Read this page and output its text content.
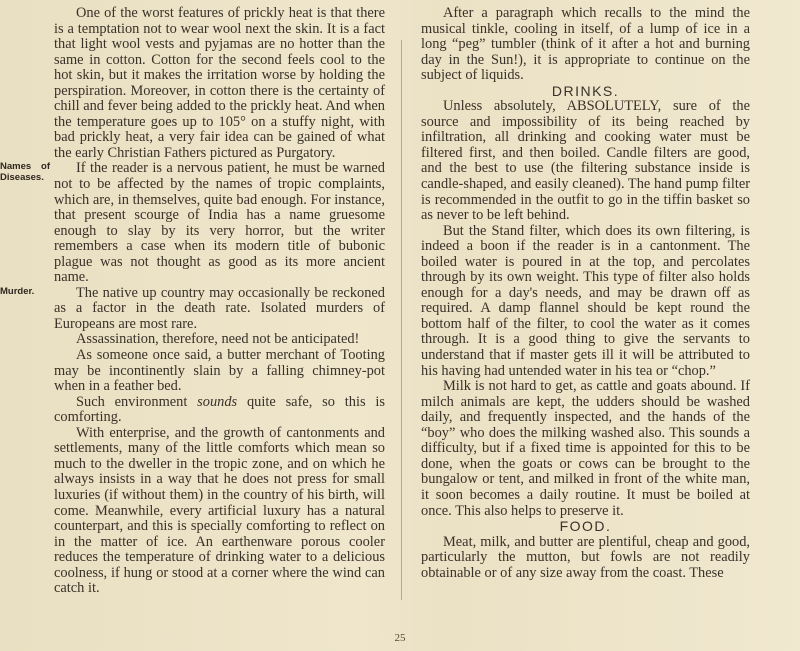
One of the worst features of prickly heat is that there is a temptation not to wear wool next the skin. It is a fact that light wool vests and pyjamas are no hotter than the same in cotton. Cotton for the second feels cool to the hot skin, but it makes the irritation worse by holding the perspiration. Moreover, in cotton there is the certainty of chill and fever being added to the prickly heat. And when the temperature goes up to 105° on a stuffy night, with bad prickly heat, a very fair idea can be gained of what the early Christian Fathers pictured as Purgatory.

Names of Diseases.
If the reader is a nervous patient, he must be warned not to be affected by the names of tropic complaints, which are, in themselves, quite bad enough. For instance, that present scourge of India has a name gruesome enough to slay by its very horror, but the writer remembers a case when its modern title of bubonic plague was not thought as good as its more ancient name.

Murder.	The native up country may occasionally be reckoned as a factor in the death rate. Isolated murders of Europeans are most rare.

Assassination, therefore, need not be anticipated!

As someone once said, a butter merchant of Tooting may be incontinently slain by a falling chimney-pot when in a feather bed.

Such environment sounds quite safe, so this is comforting.

With enterprise, and the growth of cantonments and settlements, many of the little comforts which mean so much to the dweller in the tropic zone, and on which he always insists in a way that he does not press for small luxuries (if without them) in the country of his birth, will come. Meanwhile, every artificial luxury has a natural counterpart, and this is specially comforting to reflect on in the matter of ice. An earthenware porous cooler reduces the temperature of drinking water to a delicious coolness, if hung or stood at a corner where the wind can catch it.

After a paragraph which recalls to the mind the musical tinkle, cooling in itself, of a lump of ice in a long “peg” tumbler (think of it after a hot and burning day in the Sun!), it is appropriate to continue on the subject of liquids.

DRINKS.

Unless absolutely, ABSOLUTELY, sure of the source and impossibility of its being reached by infiltration, all drinking and cooking water must be filtered first, and then boiled. Candle filters are good, and the best to use (the filtering substance inside is candle-shaped, and easily cleaned). The hand pump filter is recommended in the outfit to go in the tiffin basket so as never to be left behind.

But the Stand filter, which does its own filtering, is indeed a boon if the reader is in a cantonment. The boiled water is poured in at the top, and percolates through by its own weight. This type of filter also holds enough for a day's needs, and may be drawn off as required. A damp flannel should be kept round the bottom half of the filter, to cool the water as it comes through. It is a good thing to give the servants to understand that if master gets ill it will be attributed to his having had untended water in his tea or “chop.”

Milk is not hard to get, as cattle and goats abound. If milch animals are kept, the udders should be washed daily, and frequently inspected, and the hands of the “boy” who does the milking washed also. This sounds a difficulty, but if a fixed time is appointed for this to be done, when the goats or cows can be brought to the bungalow or tent, and milked in front of the white man, it soon becomes a daily routine. It must be boiled at once. This also helps to preserve it.

FOOD.

Meat, milk, and butter are plentiful, cheap and good, particularly the mutton, but fowls are not readily obtainable or of any size away from the coast. These

25
